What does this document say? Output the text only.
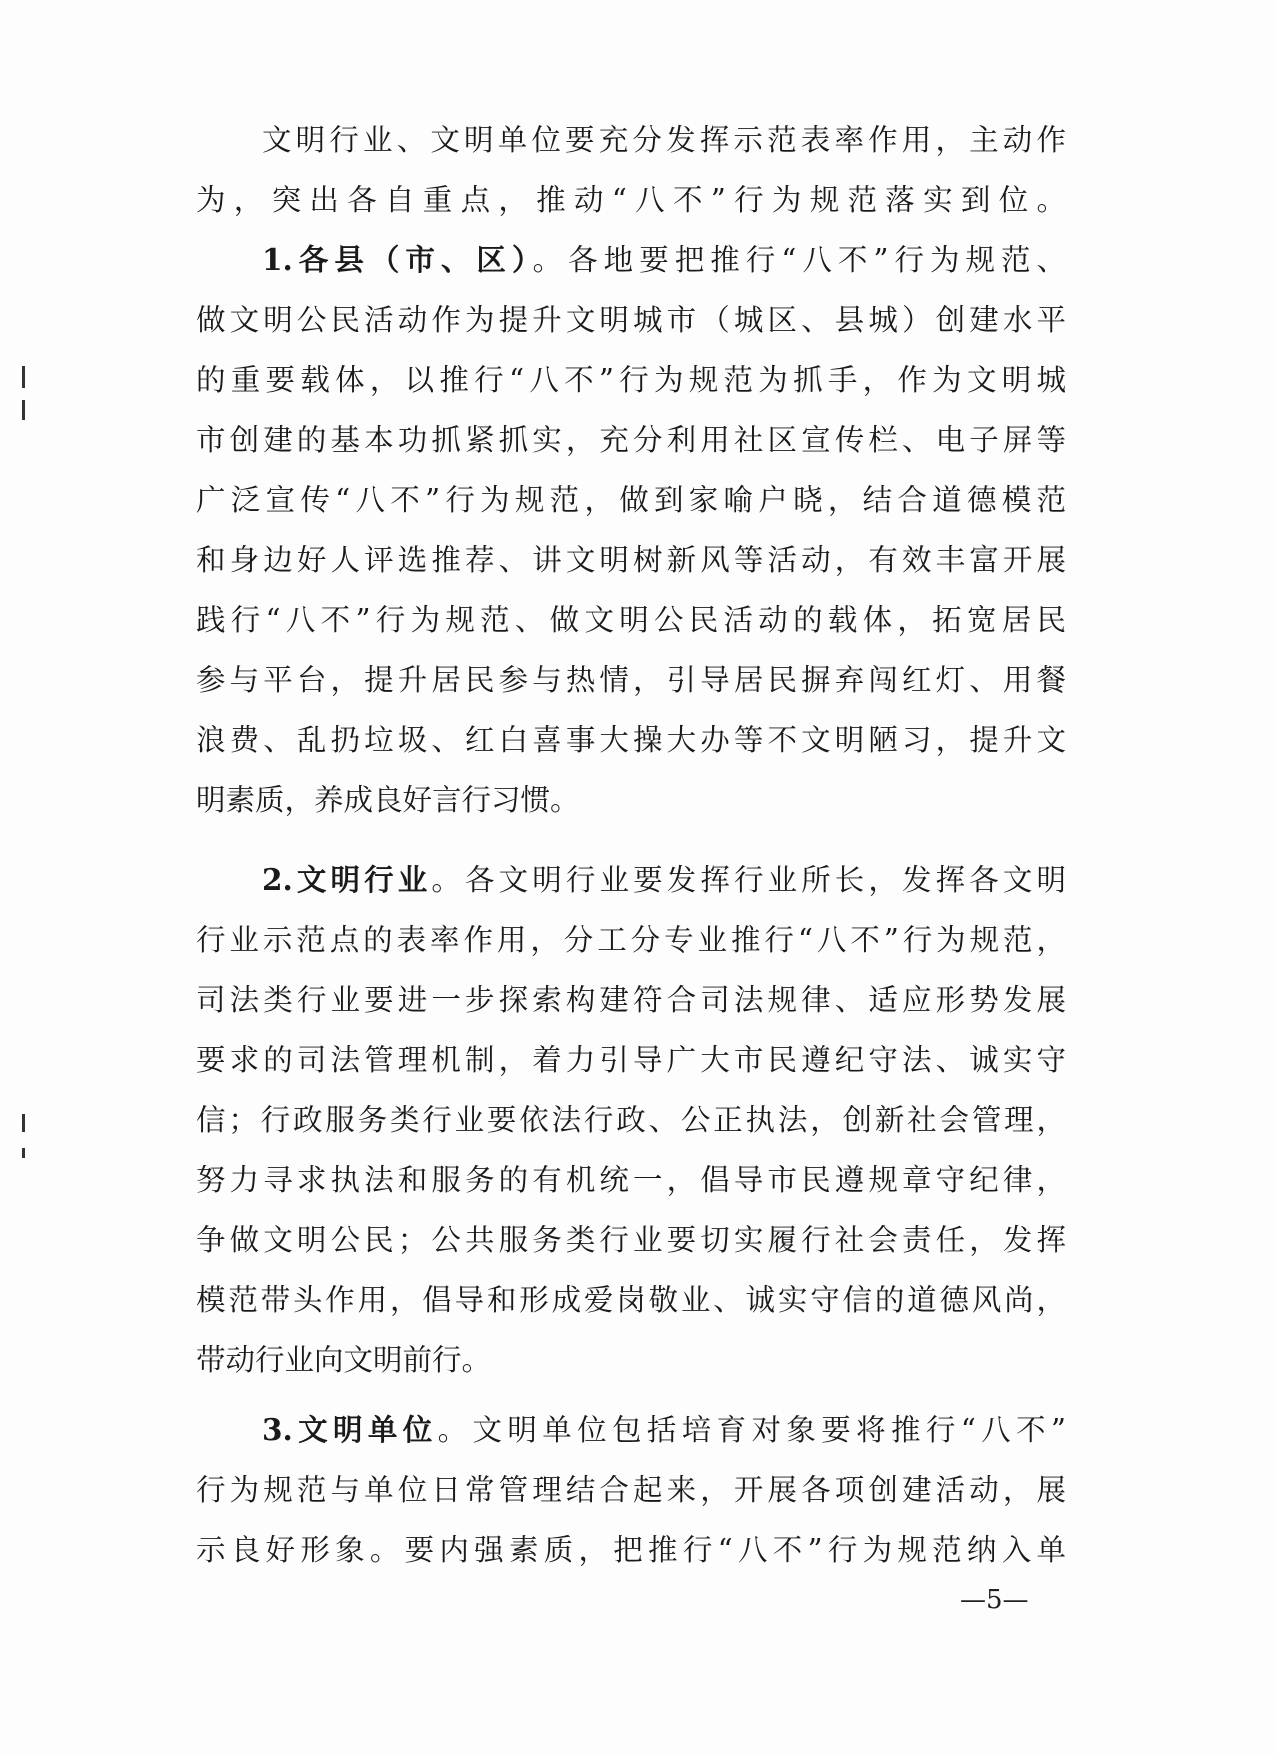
文明行业、文明单位要充分发挥示范表率作用，主动作
为，突出各自重点，推动“八不”行为规范落实到位。
1.各县（市、区）。各地要把推行“八不”行为规范、
做文明公民活动作为提升文明城市（城区、县城）创建水平
的重要载体，以推行“八不”行为规范为抓手，作为文明城
市创建的基本功抓紧抓实，充分利用社区宣传栏、电子屏等
广泛宣传“八不”行为规范，做到家喻户晓，结合道德模范
和身边好人评选推荐、讲文明树新风等活动，有效丰富开展
践行“八不”行为规范、做文明公民活动的载体，拓宽居民
参与平台，提升居民参与热情，引导居民摒弃闯红灯、用餐
浪费、乱扔垃圾、红白喜事大操大办等不文明陋习，提升文
明素质，养成良好言行习惯。
2.文明行业。各文明行业要发挥行业所长，发挥各文明
行业示范点的表率作用，分工分专业推行“八不”行为规范，
司法类行业要进一步探索构建符合司法规律、适应形势发展
要求的司法管理机制，着力引导广大市民遵纪守法、诚实守
信；行政服务类行业要依法行政、公正执法，创新社会管理，
努力寻求执法和服务的有机统一，倡导市民遵规章守纪律，
争做文明公民；公共服务类行业要切实履行社会责任，发挥
模范带头作用，倡导和形成爱岗敬业、诚实守信的道德风尚，
带动行业向文明前行。
3.文明单位。文明单位包括培育对象要将推行“八不”
行为规范与单位日常管理结合起来，开展各项创建活动，展
示良好形象。要内强素质，把推行“八不”行为规范纳入单
—5—
